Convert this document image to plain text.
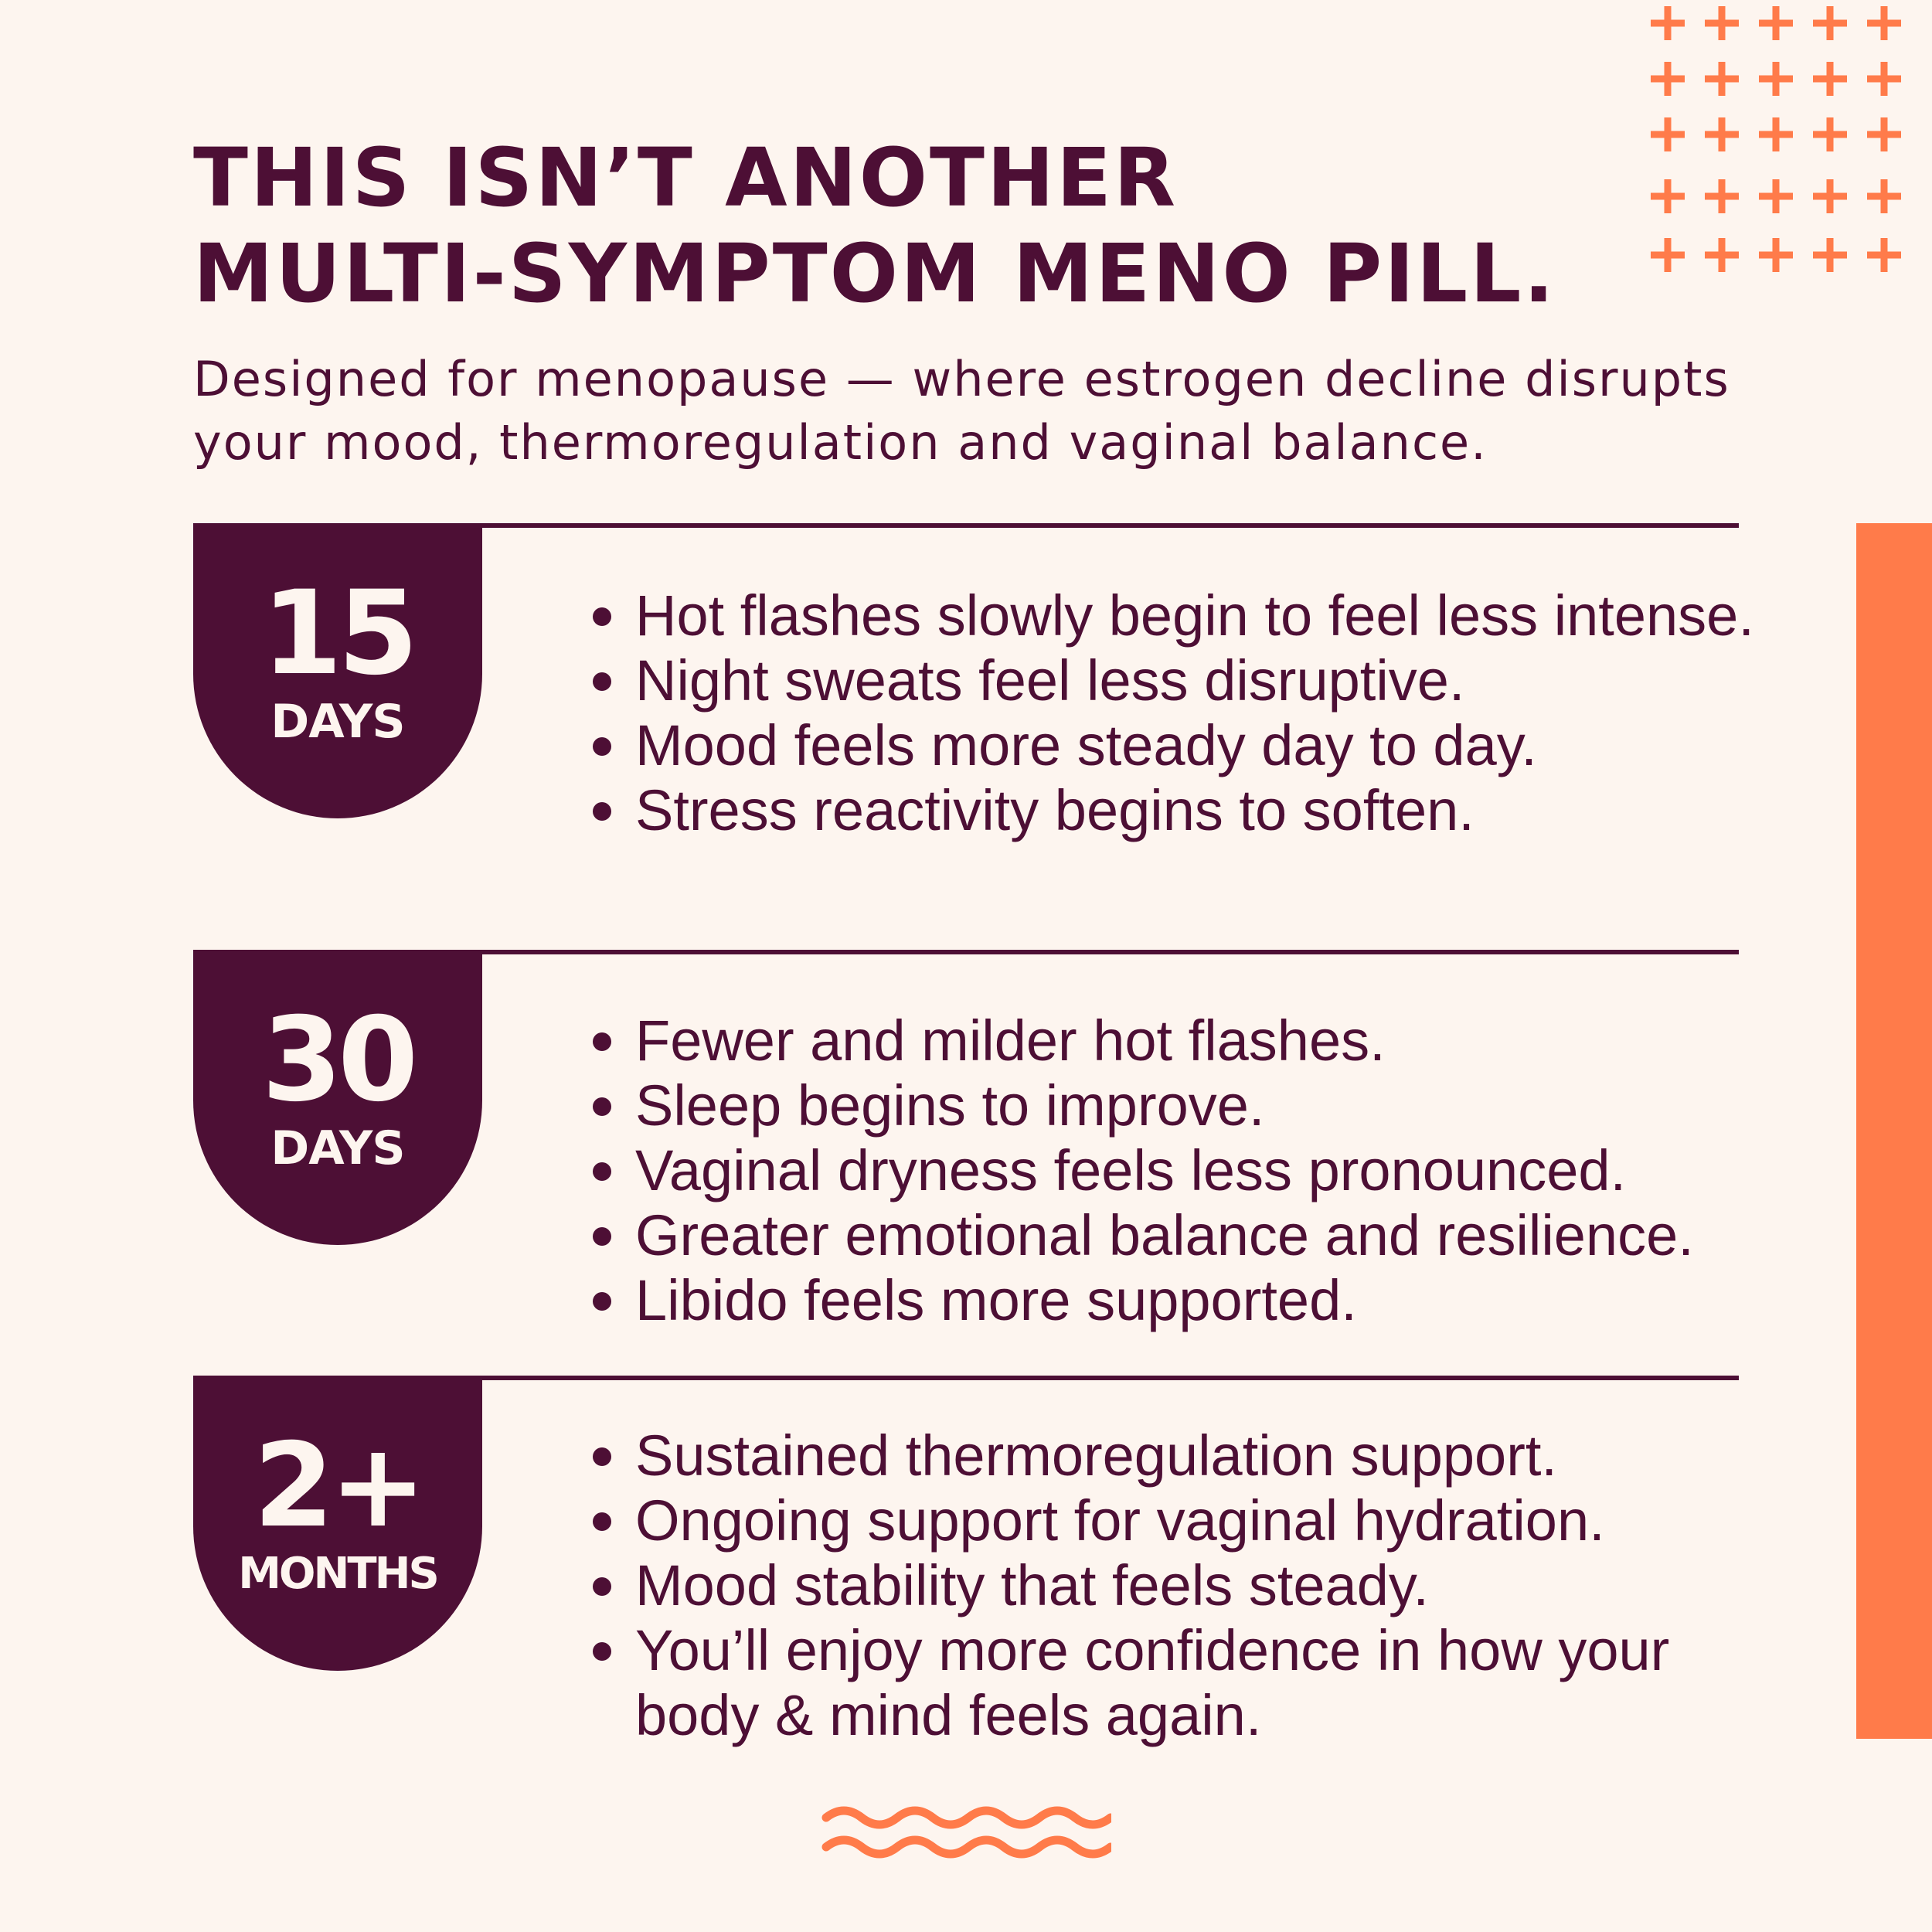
THIS ISN’T ANOTHER
MULTI-SYMPTOM MENO PILL.

Designed for menopause — where estrogen decline disrupts
your mood, thermoregulation and vaginal balance.

15
DAYS
Hot flashes slowly begin to feel less intense.
Night sweats feel less disruptive.
Mood feels more steady day to day.
Stress reactivity begins to soften.
30
DAYS
Fewer and milder hot flashes.
Sleep begins to improve.
Vaginal dryness feels less pronounced.
Greater emotional balance and resilience.
Libido feels more supported.
2+
MONTHS
Sustained thermoregulation support.
Ongoing support for vaginal hydration.
Mood stability that feels steady.
You’ll enjoy more confidence in how your
body & mind feels again.
